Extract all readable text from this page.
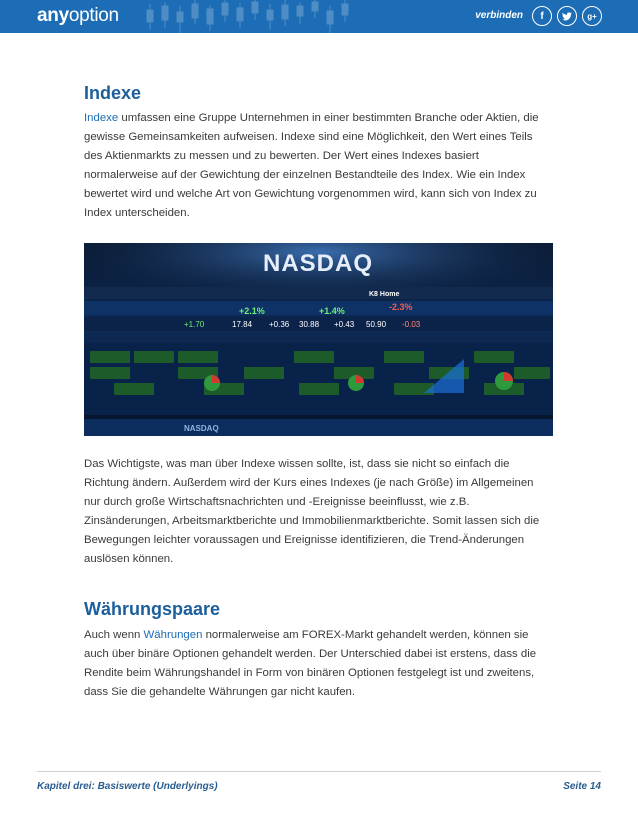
anyoption	verbinden	f	g+
Indexe

Indexe umfassen eine Gruppe Unternehmen in einer bestimmten Branche oder Aktien, die gewisse Gemeinsamkeiten aufweisen. Indexe sind eine Möglichkeit, den Wert eines Teils des Aktienmarkts zu messen und zu bewerten. Der Wert eines Indexes basiert normalerweise auf der Gewichtung der einzelnen Bestandteile des Index. Wie ein Index bewertet wird und welche Art von Gewichtung vorgenommen wird, kann sich von Index zu Index unterscheiden.

NASDAQ
+2.1%	+1.4%	-2.3%
K8 Home
17.84 +0.36 30.88 +0.43 50.90 -0.03
+1.70
NASDAQ

Das Wichtigste, was man über Indexe wissen sollte, ist, dass sie nicht so einfach die Richtung ändern. Außerdem wird der Kurs eines Indexes (je nach Größe) im Allgemeinen nur durch große Wirtschaftsnachrichten und -Ereignisse beeinflusst, wie z.B. Zinsänderungen, Arbeitsmarktberichte und Immobilienmarktberichte. Somit lassen sich die Bewegungen leichter voraussagen und Ereignisse identifizieren, die Trend-Änderungen auslösen können.

Währungspaare

Auch wenn Währungen normalerweise am FOREX-Markt gehandelt werden, können sie auch über binäre Optionen gehandelt werden. Der Unterschied dabei ist erstens, dass die Rendite beim Währungshandel in Form von binären Optionen festgelegt ist und zweitens, dass Sie die gehandelte Währungen gar nicht kaufen.

Kapitel drei: Basiswerte (Underlyings)	Seite 14
